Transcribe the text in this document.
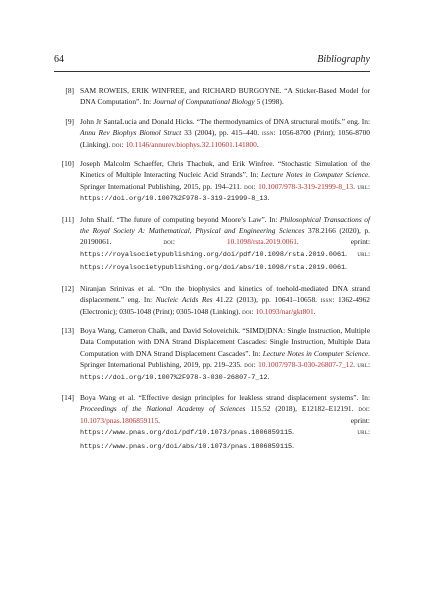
64	Bibliography
[8] SAM ROWEIS, ERIK WINFREE, and RICHARD BURGOYNE. “A Sticker-Based Model for DNA Computation”. In: Journal of Computational Biology 5 (1998).
[9] John Jr SantaLucia and Donald Hicks. “The thermodynamics of DNA structural motifs.” eng. In: Annu Rev Biophys Biomol Struct 33 (2004), pp. 415–440. issn: 1056-8700 (Print); 1056-8700 (Linking). doi: 10.1146/annurev.biophys.32.110601.141800.
[10] Joseph Malcolm Schaeffer, Chris Thachuk, and Erik Winfree. “Stochastic Simulation of the Kinetics of Multiple Interacting Nucleic Acid Strands”. In: Lecture Notes in Computer Science. Springer International Publishing, 2015, pp. 194–211. doi: 10.1007/978-3-319-21999-8_13. url: https://doi.org/10.1007%2F978-3-319-21999-8_13.
[11] John Shalf. “The future of computing beyond Moore’s Law”. In: Philosophical Transactions of the Royal Society A: Mathematical, Physical and Engineering Sciences 378.2166 (2020), p. 20190061. doi: 10.1098/rsta.2019.0061. eprint: https://royalsocietypublishing.org/doi/pdf/10.1098/rsta.2019.0061. url: https://royalsocietypublishing.org/doi/abs/10.1098/rsta.2019.0061.
[12] Niranjan Srinivas et al. “On the biophysics and kinetics of toehold-mediated DNA strand displacement.” eng. In: Nucleic Acids Res 41.22 (2013), pp. 10641–10658. issn: 1362-4962 (Electronic); 0305-1048 (Print); 0305-1048 (Linking). doi: 10.1093/nar/gkt801.
[13] Boya Wang, Cameron Chalk, and David Soloveichik. “SIMD||DNA: Single Instruction, Multiple Data Computation with DNA Strand Displacement Cascades: Single Instruction, Multiple Data Computation with DNA Strand Displacement Cascades”. In: Lecture Notes in Computer Science. Springer International Publishing, 2019, pp. 219–235. doi: 10.1007/978-3-030-26807-7_12. url: https://doi.org/10.1007%2F978-3-030-26807-7_12.
[14] Boya Wang et al. “Effective design principles for leakless strand displacement systems”. In: Proceedings of the National Academy of Sciences 115.52 (2018), E12182–E12191. doi: 10.1073/pnas.1806859115. eprint: https://www.pnas.org/doi/pdf/10.1073/pnas.1806859115. url: https://www.pnas.org/doi/abs/10.1073/pnas.1806859115.
